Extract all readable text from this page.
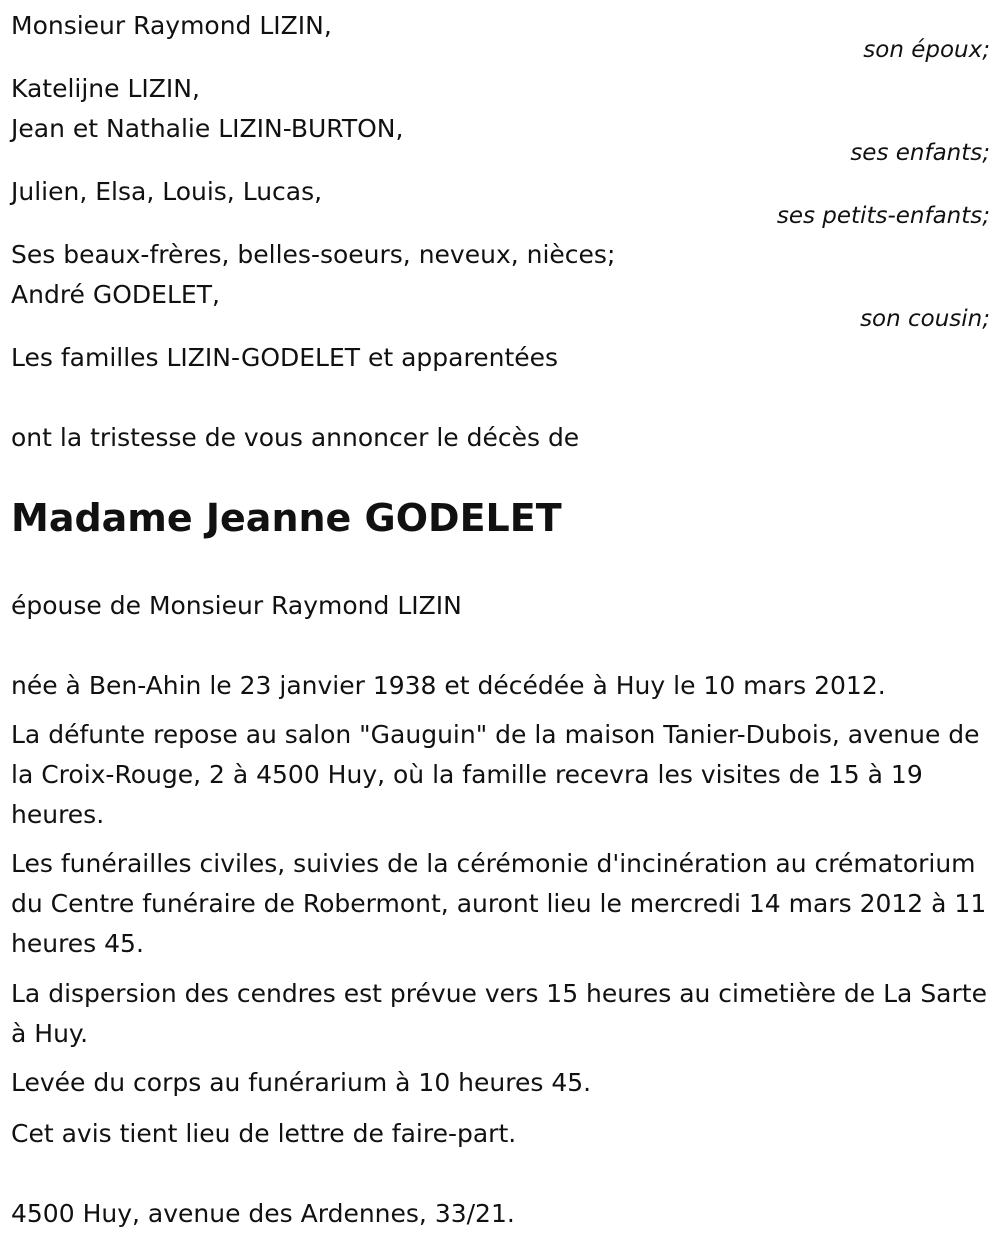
Monsieur Raymond LIZIN,
son époux;
Katelijne LIZIN,
Jean et Nathalie LIZIN-BURTON,
ses enfants;
Julien, Elsa, Louis, Lucas,
ses petits-enfants;
Ses beaux-frères, belles-soeurs, neveux, nièces;
André GODELET,
son cousin;
Les familles LIZIN-GODELET et apparentées
ont la tristesse de vous annoncer le décès de
Madame Jeanne GODELET
épouse de Monsieur Raymond LIZIN
née à Ben-Ahin le 23 janvier 1938 et décédée à Huy le 10 mars 2012.
La défunte repose au salon "Gauguin" de la maison Tanier-Dubois, avenue de la Croix-Rouge, 2 à 4500 Huy, où la famille recevra les visites de 15 à 19 heures.
Les funérailles civiles, suivies de la cérémonie d'incinération au crématorium du Centre funéraire de Robermont, auront lieu le mercredi 14 mars 2012 à 11 heures 45.
La dispersion des cendres est prévue vers 15 heures au cimetière de La Sarte à Huy.
Levée du corps au funérarium à 10 heures 45.
Cet avis tient lieu de lettre de faire-part.
4500 Huy, avenue des Ardennes, 33/21.
